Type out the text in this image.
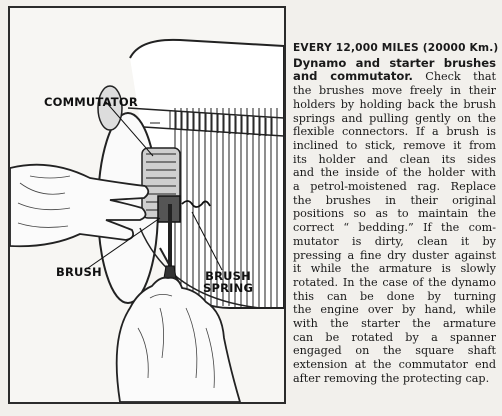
COMMUTATOR
BRUSH	BRUSH
SPRING
EVERY 12,000 MILES (20000 Km.)
Dynamo and starter brushes
and commutator. Check that
the brushes move freely in their
holders by holding back the brush
springs and pulling gently on the
flexible connectors. If a brush is
inclined to stick, remove it from
its holder and clean its sides
and the inside of the holder with
a petrol-moistened rag. Replace
the brushes in their original
positions so as to maintain the
correct “ bedding.” If the com-
mutator is dirty, clean it by
pressing a fine dry duster against
it while the armature is slowly
rotated. In the case of the dynamo
this can be done by turning
the engine over by hand, while
with the starter the armature
can be rotated by a spanner
engaged on the square shaft
extension at the commutator end
after removing the protecting cap.
